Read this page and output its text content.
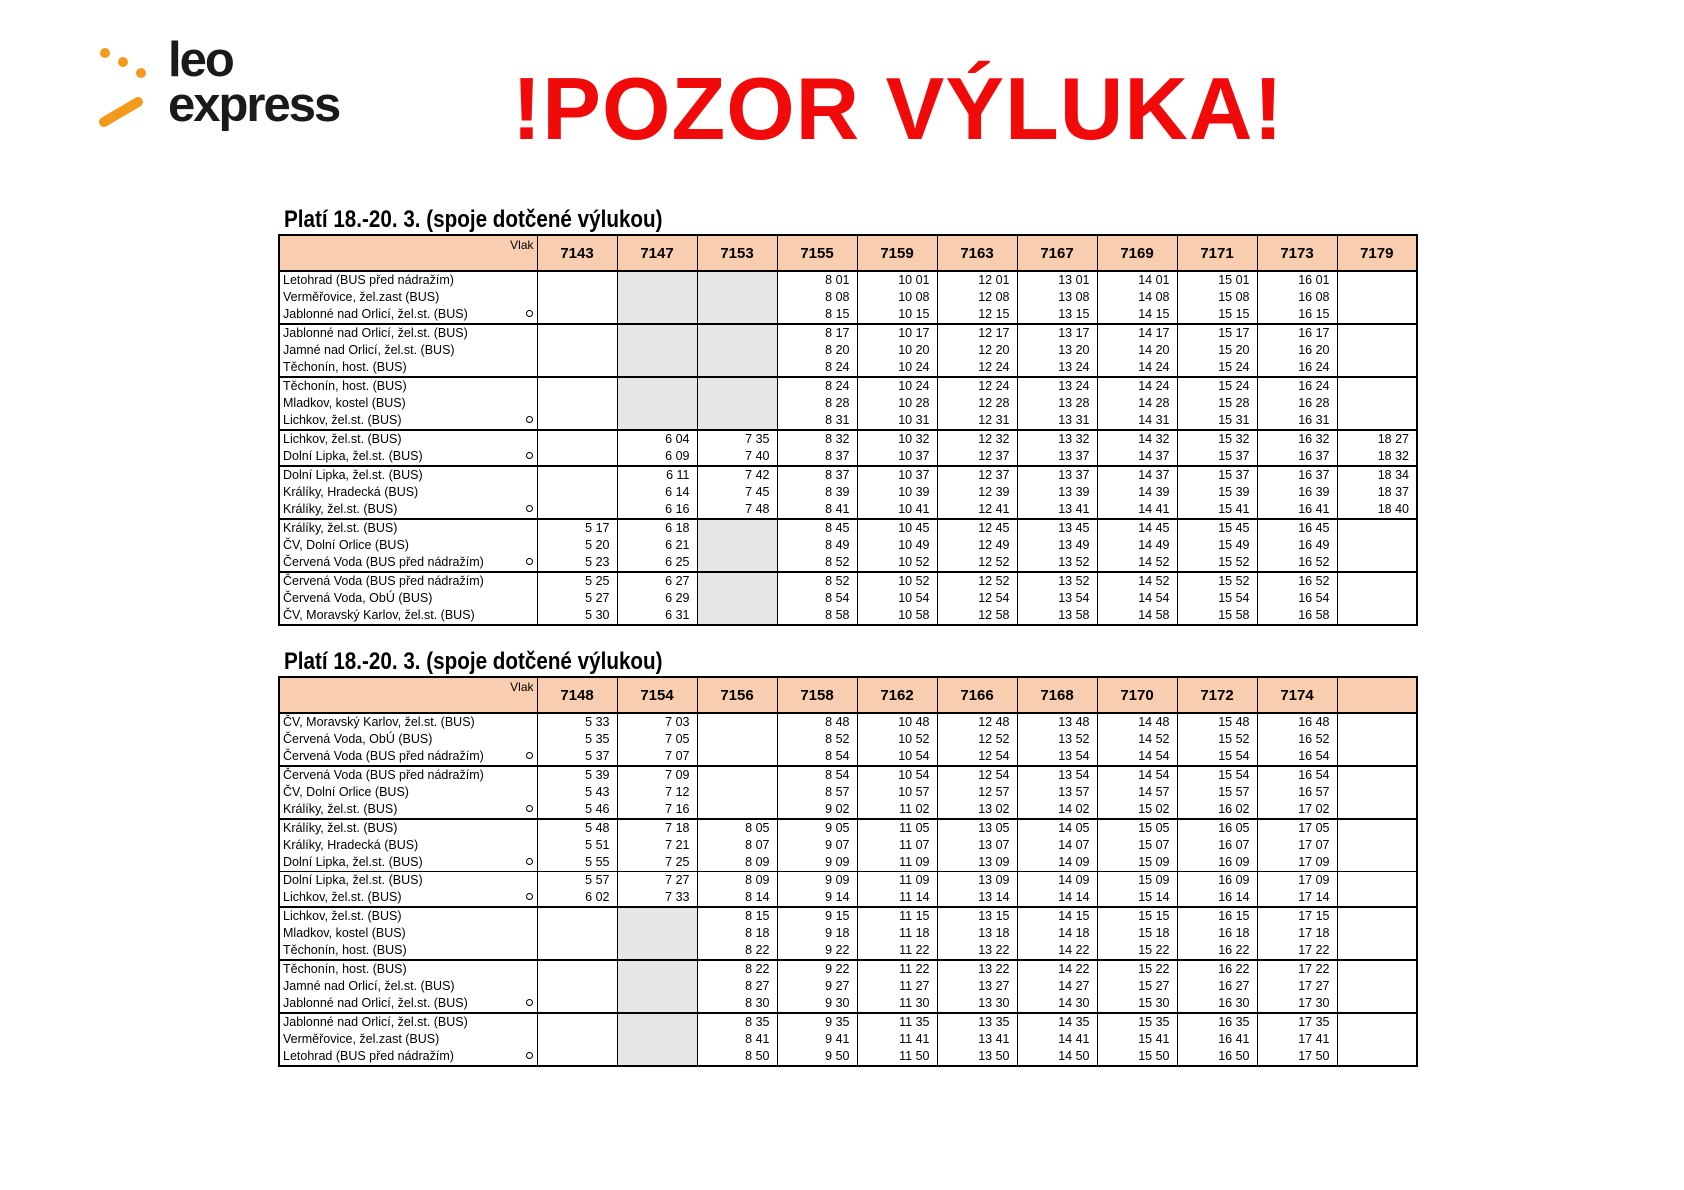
leo
express !POZOR VÝLUKA!
Platí 18.-20. 3. (spoje dotčené výlukou)
Vlak	7143	7147	7153	7155	7159	7163	7167	7169	7171	7173	7179
Letohrad (BUS před nádražím)				8 01	10 01	12 01	13 01	14 01	15 01	16 01	
Verměřovice, žel.zast (BUS)				8 08	10 08	12 08	13 08	14 08	15 08	16 08	
Jablonné nad Orlicí, žel.st. (BUS)				8 15	10 15	12 15	13 15	14 15	15 15	16 15	
Jablonné nad Orlicí, žel.st. (BUS)				8 17	10 17	12 17	13 17	14 17	15 17	16 17	
Jamné nad Orlicí, žel.st. (BUS)				8 20	10 20	12 20	13 20	14 20	15 20	16 20	
Těchonín, host. (BUS)				8 24	10 24	12 24	13 24	14 24	15 24	16 24	
Těchonín, host. (BUS)				8 24	10 24	12 24	13 24	14 24	15 24	16 24	
Mladkov, kostel (BUS)				8 28	10 28	12 28	13 28	14 28	15 28	16 28	
Lichkov, žel.st. (BUS)				8 31	10 31	12 31	13 31	14 31	15 31	16 31	
Lichkov, žel.st. (BUS)		6 04	7 35	8 32	10 32	12 32	13 32	14 32	15 32	16 32	18 27
Dolní Lipka, žel.st. (BUS)		6 09	7 40	8 37	10 37	12 37	13 37	14 37	15 37	16 37	18 32
Dolní Lipka, žel.st. (BUS)		6 11	7 42	8 37	10 37	12 37	13 37	14 37	15 37	16 37	18 34
Králíky, Hradecká (BUS)		6 14	7 45	8 39	10 39	12 39	13 39	14 39	15 39	16 39	18 37
Králíky, žel.st. (BUS)		6 16	7 48	8 41	10 41	12 41	13 41	14 41	15 41	16 41	18 40
Králíky, žel.st. (BUS)	5 17	6 18		8 45	10 45	12 45	13 45	14 45	15 45	16 45	
ČV, Dolní Orlice (BUS)	5 20	6 21		8 49	10 49	12 49	13 49	14 49	15 49	16 49	
Červená Voda (BUS před nádražím)	5 23	6 25		8 52	10 52	12 52	13 52	14 52	15 52	16 52	
Červená Voda (BUS před nádražím)	5 25	6 27		8 52	10 52	12 52	13 52	14 52	15 52	16 52	
Červená Voda, ObÚ (BUS)	5 27	6 29		8 54	10 54	12 54	13 54	14 54	15 54	16 54	
ČV, Moravský Karlov, žel.st. (BUS)	5 30	6 31		8 58	10 58	12 58	13 58	14 58	15 58	16 58	
Platí 18.-20. 3. (spoje dotčené výlukou)
Vlak	7148	7154	7156	7158	7162	7166	7168	7170	7172	7174	
ČV, Moravský Karlov, žel.st. (BUS)	5 33	7 03		8 48	10 48	12 48	13 48	14 48	15 48	16 48	
Červená Voda, ObÚ (BUS)	5 35	7 05		8 52	10 52	12 52	13 52	14 52	15 52	16 52	
Červená Voda (BUS před nádražím)	5 37	7 07		8 54	10 54	12 54	13 54	14 54	15 54	16 54	
Červená Voda (BUS před nádražím)	5 39	7 09		8 54	10 54	12 54	13 54	14 54	15 54	16 54	
ČV, Dolní Orlice (BUS)	5 43	7 12		8 57	10 57	12 57	13 57	14 57	15 57	16 57	
Králíky, žel.st. (BUS)	5 46	7 16		9 02	11 02	13 02	14 02	15 02	16 02	17 02	
Králíky, žel.st. (BUS)	5 48	7 18	8 05	9 05	11 05	13 05	14 05	15 05	16 05	17 05	
Králíky, Hradecká (BUS)	5 51	7 21	8 07	9 07	11 07	13 07	14 07	15 07	16 07	17 07	
Dolní Lipka, žel.st. (BUS)	5 55	7 25	8 09	9 09	11 09	13 09	14 09	15 09	16 09	17 09	
Dolní Lipka, žel.st. (BUS)	5 57	7 27	8 09	9 09	11 09	13 09	14 09	15 09	16 09	17 09	
Lichkov, žel.st. (BUS)	6 02	7 33	8 14	9 14	11 14	13 14	14 14	15 14	16 14	17 14	
Lichkov, žel.st. (BUS)			8 15	9 15	11 15	13 15	14 15	15 15	16 15	17 15	
Mladkov, kostel (BUS)			8 18	9 18	11 18	13 18	14 18	15 18	16 18	17 18	
Těchonín, host. (BUS)			8 22	9 22	11 22	13 22	14 22	15 22	16 22	17 22	
Těchonín, host. (BUS)			8 22	9 22	11 22	13 22	14 22	15 22	16 22	17 22	
Jamné nad Orlicí, žel.st. (BUS)			8 27	9 27	11 27	13 27	14 27	15 27	16 27	17 27	
Jablonné nad Orlicí, žel.st. (BUS)			8 30	9 30	11 30	13 30	14 30	15 30	16 30	17 30	
Jablonné nad Orlicí, žel.st. (BUS)			8 35	9 35	11 35	13 35	14 35	15 35	16 35	17 35	
Verměřovice, žel.zast (BUS)			8 41	9 41	11 41	13 41	14 41	15 41	16 41	17 41	
Letohrad (BUS před nádražím)			8 50	9 50	11 50	13 50	14 50	15 50	16 50	17 50	
